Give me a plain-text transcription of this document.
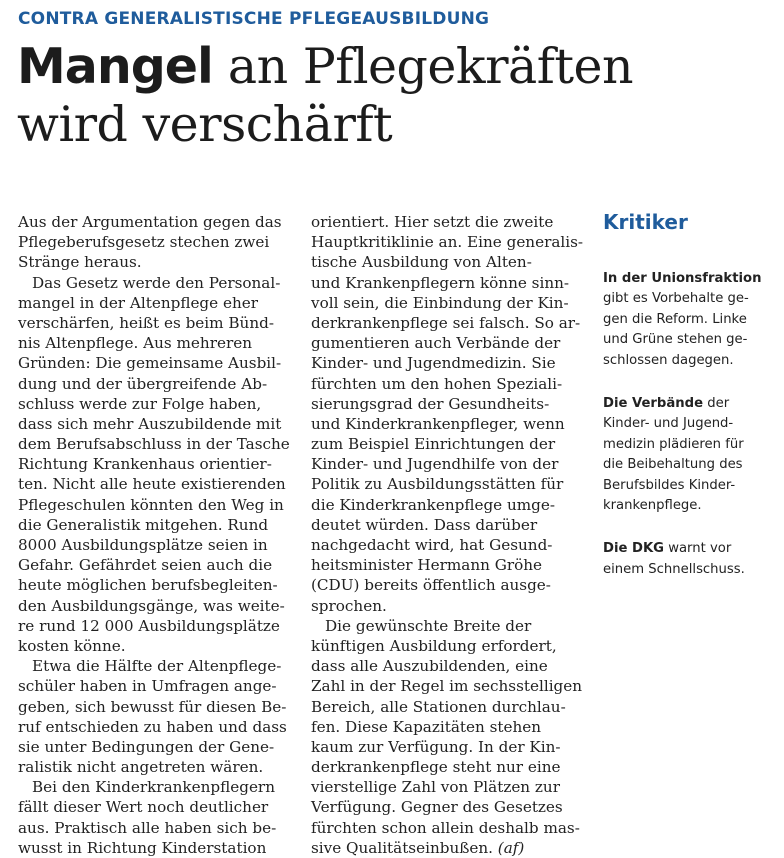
CONTRA GENERALISTISCHE PFLEGEAUSBILDUNG
Mangel an Pflegekräften
wird verschärft
Aus der Argumentation gegen das
Pflegeberufsgesetz stechen zwei
Stränge heraus.
Das Gesetz werde den Personal-
mangel in der Altenpflege eher
verschärfen, heißt es beim Bünd-
nis Altenpflege. Aus mehreren
Gründen: Die gemeinsame Ausbil-
dung und der übergreifende Ab-
schluss werde zur Folge haben,
dass sich mehr Auszubildende mit
dem Berufsabschluss in der Tasche
Richtung Krankenhaus orientier-
ten. Nicht alle heute existierenden
Pflegeschulen könnten den Weg in
die Generalistik mitgehen. Rund
8000 Ausbildungsplätze seien in
Gefahr. Gefährdet seien auch die
heute möglichen berufsbegleiten-
den Ausbildungsgänge, was weite-
re rund 12 000 Ausbildungsplätze
kosten könne.
Etwa die Hälfte der Altenpflege-
schüler haben in Umfragen ange-
geben, sich bewusst für diesen Be-
ruf entschieden zu haben und dass
sie unter Bedingungen der Gene-
ralistik nicht angetreten wären.
Bei den Kinderkrankenpflegern
fällt dieser Wert noch deutlicher
aus. Praktisch alle haben sich be-
wusst in Richtung Kinderstation
orientiert. Hier setzt die zweite
Hauptkritiklinie an. Eine generalis-
tische Ausbildung von Alten-
und Krankenpflegern könne sinn-
voll sein, die Einbindung der Kin-
derkrankenpflege sei falsch. So ar-
gumentieren auch Verbände der
Kinder- und Jugendmedizin. Sie
fürchten um den hohen Speziali-
sierungsgrad der Gesundheits-
und Kinderkrankenpfleger, wenn
zum Beispiel Einrichtungen der
Kinder- und Jugendhilfe von der
Politik zu Ausbildungsstätten für
die Kinderkrankenpflege umge-
deutet würden. Dass darüber
nachgedacht wird, hat Gesund-
heitsminister Hermann Gröhe
(CDU) bereits öffentlich ausge-
sprochen.
Die gewünschte Breite der
künftigen Ausbildung erfordert,
dass alle Auszubildenden, eine
Zahl in der Regel im sechsstelligen
Bereich, alle Stationen durchlau-
fen. Diese Kapazitäten stehen
kaum zur Verfügung. In der Kin-
derkrankenpflege steht nur eine
vierstellige Zahl von Plätzen zur
Verfügung. Gegner des Gesetzes
fürchten schon allein deshalb mas-
sive Qualitätseinbußen. (af)
Kritiker
In der Unionsfraktion
gibt es Vorbehalte ge-
gen die Reform. Linke
und Grüne stehen ge-
schlossen dagegen.
Die Verbände der
Kinder- und Jugend-
medizin plädieren für
die Beibehaltung des
Berufsbildes Kinder-
krankenpflege.
Die DKG warnt vor
einem Schnellschuss.
